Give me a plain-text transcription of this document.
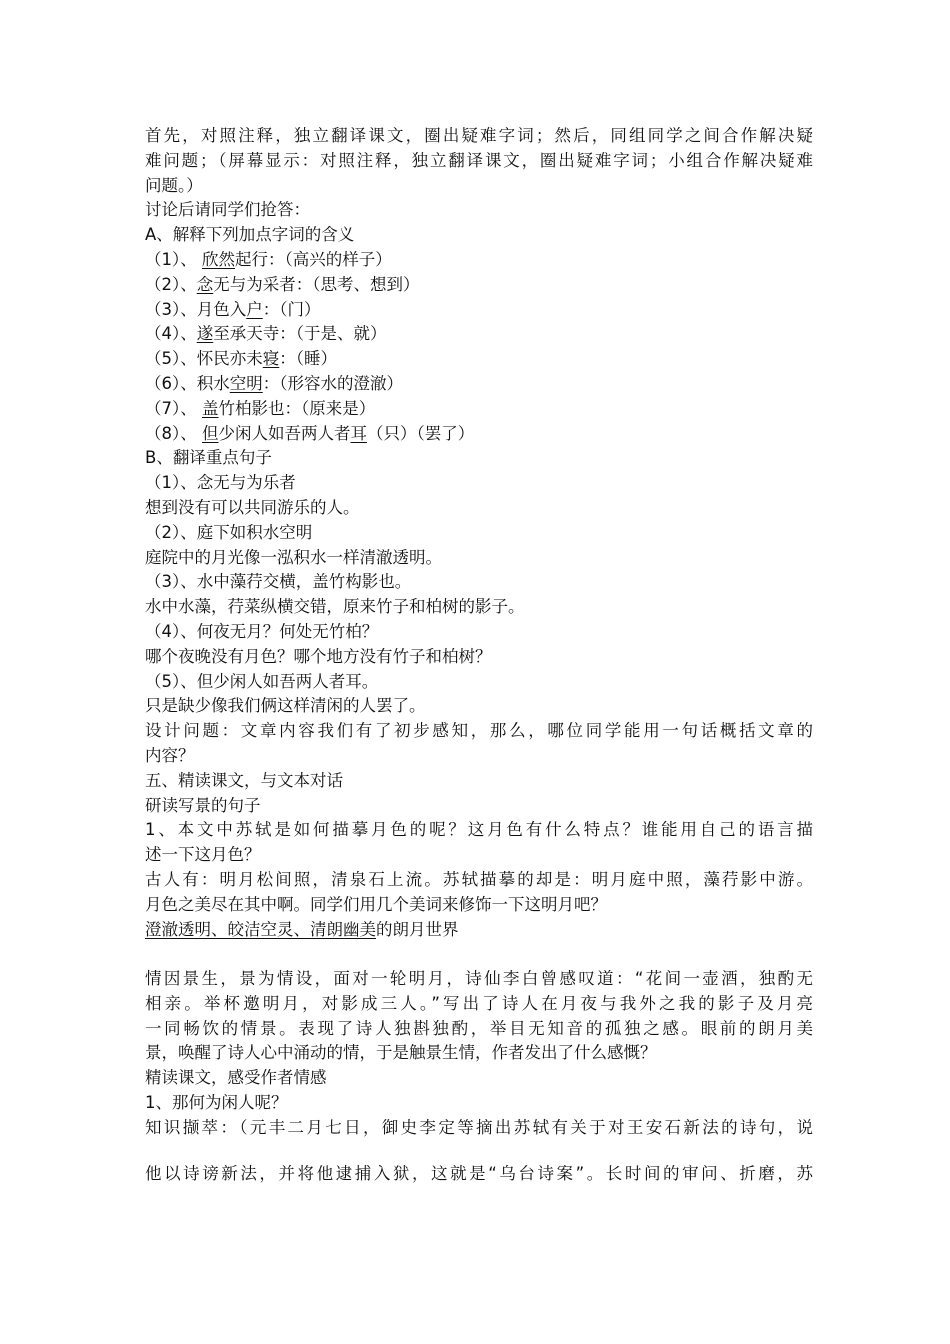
首先，对照注释，独立翻译课文，圈出疑难字词；然后，同组同学之间合作解决疑
难问题；（屏幕显示：对照注释，独立翻译课文，圈出疑难字词；小组合作解决疑难
问题。）
讨论后请同学们抢答：
A、解释下列加点字词的含义
（1）、 欣然起行：（高兴的样子）
（2）、念无与为采者：（思考、想到）
（3）、月色入户：（门）
（4）、遂至承天寺：（于是、就）
（5）、怀民亦未寝：（睡）
（6）、积水空明：（形容水的澄澈）
（7）、 盖竹柏影也：（原来是）
（8）、 但少闲人如吾两人者耳（只）（罢了）
B、翻译重点句子
（1）、念无与为乐者
想到没有可以共同游乐的人。
（2）、庭下如积水空明
庭院中的月光像一泓积水一样清澈透明。
（3）、水中藻荇交横，盖竹构影也。
水中水藻，荇菜纵横交错，原来竹子和柏树的影子。
（4）、何夜无月？何处无竹柏？
哪个夜晚没有月色？哪个地方没有竹子和柏树？
（5）、但少闲人如吾两人者耳。
只是缺少像我们俩这样清闲的人罢了。
设计问题：文章内容我们有了初步感知，那么，哪位同学能用一句话概括文章的
内容？
五、精读课文，与文本对话
研读写景的句子
1、本文中苏轼是如何描摹月色的呢？这月色有什么特点？谁能用自己的语言描
述一下这月色？
古人有：明月松间照，清泉石上流。苏轼描摹的却是：明月庭中照，藻荇影中游。
月色之美尽在其中啊。同学们用几个美词来修饰一下这明月吧？
澄澈透明、皎洁空灵、清朗幽美的朗月世界
情因景生，景为情设，面对一轮明月，诗仙李白曾感叹道：“花间一壶酒，独酌无
相亲。举杯邀明月，对影成三人。”写出了诗人在月夜与我外之我的影子及月亮
一同畅饮的情景。表现了诗人独斟独酌，举目无知音的孤独之感。眼前的朗月美
景，唤醒了诗人心中涌动的情，于是触景生情，作者发出了什么感慨？
精读课文，感受作者情感
1、那何为闲人呢？
知识撷萃：（元丰二月七日，御史李定等摘出苏轼有关于对王安石新法的诗句，说
他以诗谤新法，并将他逮捕入狱，这就是“乌台诗案”。长时间的审问、折磨，苏
